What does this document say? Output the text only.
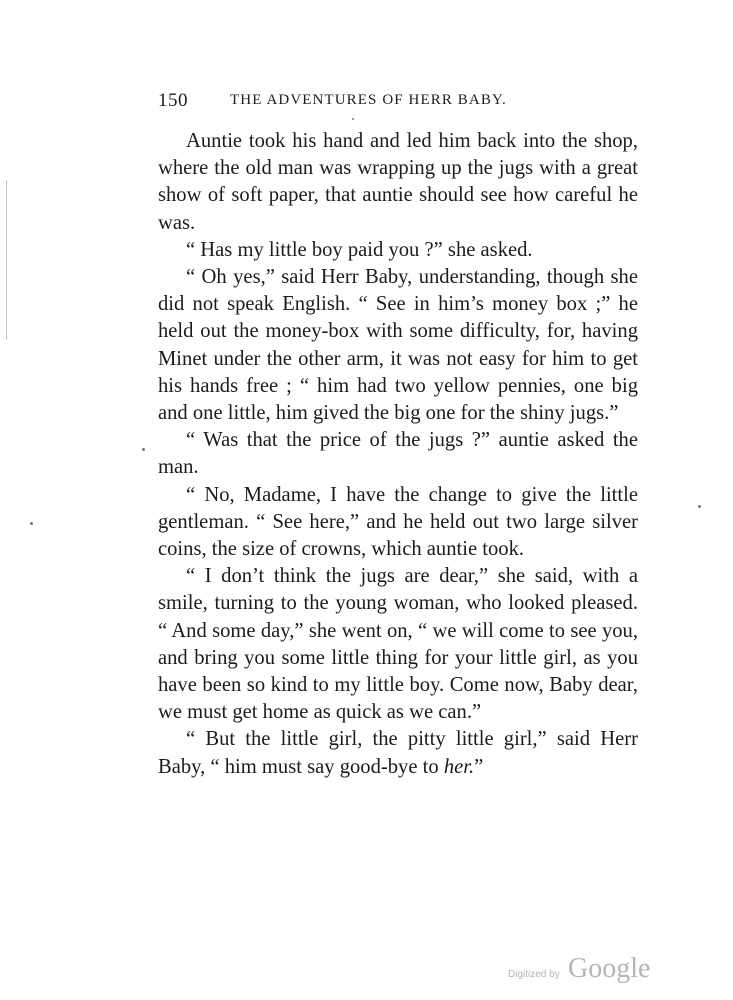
150	THE ADVENTURES OF HERR BABY.

Auntie took his hand and led him back into the shop, where the old man was wrapping up the jugs with a great show of soft paper, that auntie should see how careful he was.

“ Has my little boy paid you ?” she asked.

“ Oh yes,” said Herr Baby, understanding, though she did not speak English. “ See in him’s money box ;” he held out the money-box with some difficulty, for, having Minet under the other arm, it was not easy for him to get his hands free ; “ him had two yellow pennies, one big and one little, him gived the big one for the shiny jugs.”

“ Was that the price of the jugs ?” auntie asked the man.

“ No, Madame, I have the change to give the little gentleman. “ See here,” and he held out two large silver coins, the size of crowns, which auntie took.

“ I don’t think the jugs are dear,” she said, with a smile, turning to the young woman, who looked pleased. “ And some day,” she went on, “ we will come to see you, and bring you some little thing for your little girl, as you have been so kind to my little boy. Come now, Baby dear, we must get home as quick as we can.”

“ But the little girl, the pitty little girl,” said Herr Baby, “ him must say good-bye to her.”

Digitized by Google
